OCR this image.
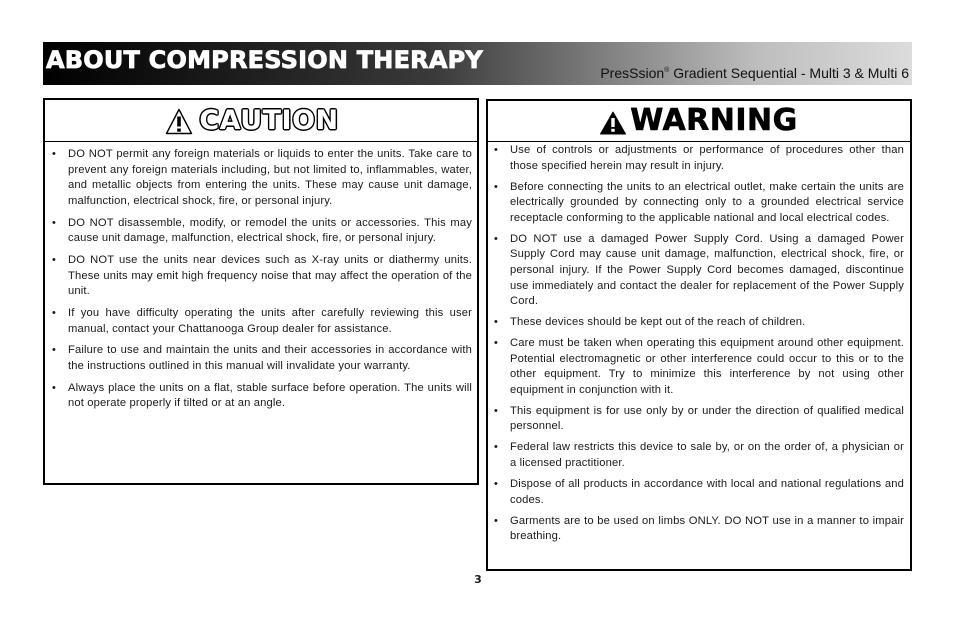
ABOUT COMPRESSION THERAPY	PresSsion® Gradient Sequential - Multi 3 & Multi 6
CAUTION
• DO NOT permit any foreign materials or liquids to enter the units. Take care to prevent any foreign materials including, but not limited to, inflammables, water, and metallic objects from entering the units. These may cause unit damage, malfunction, electrical shock, fire, or personal injury.
• DO NOT disassemble, modify, or remodel the units or accessories. This may cause unit damage, malfunction, electrical shock, fire, or personal injury.
• DO NOT use the units near devices such as X-ray units or diathermy units. These units may emit high frequency noise that may affect the operation of the unit.
• If you have difficulty operating the units after carefully reviewing this user manual, contact your Chattanooga Group dealer for assistance.
• Failure to use and maintain the units and their accessories in accordance with the instructions outlined in this manual will invalidate your warranty.
• Always place the units on a flat, stable surface before operation. The units will not operate properly if tilted or at an angle.
WARNING
• Use of controls or adjustments or performance of procedures other than those specified herein may result in injury.
• Before connecting the units to an electrical outlet, make certain the units are electrically grounded by connecting only to a grounded electrical service receptacle conforming to the applicable national and local electrical codes.
• DO NOT use a damaged Power Supply Cord. Using a damaged Power Supply Cord may cause unit damage, malfunction, electrical shock, fire, or personal injury. If the Power Supply Cord becomes damaged, discontinue use immediately and contact the dealer for replacement of the Power Supply Cord.
• These devices should be kept out of the reach of children.
• Care must be taken when operating this equipment around other equipment. Potential electromagnetic or other interference could occur to this or to the other equipment. Try to minimize this interference by not using other equipment in conjunction with it.
• This equipment is for use only by or under the direction of qualified medical personnel.
• Federal law restricts this device to sale by, or on the order of, a physician or a licensed practitioner.
• Dispose of all products in accordance with local and national regulations and codes.
• Garments are to be used on limbs ONLY. DO NOT use in a manner to impair breathing.
3
